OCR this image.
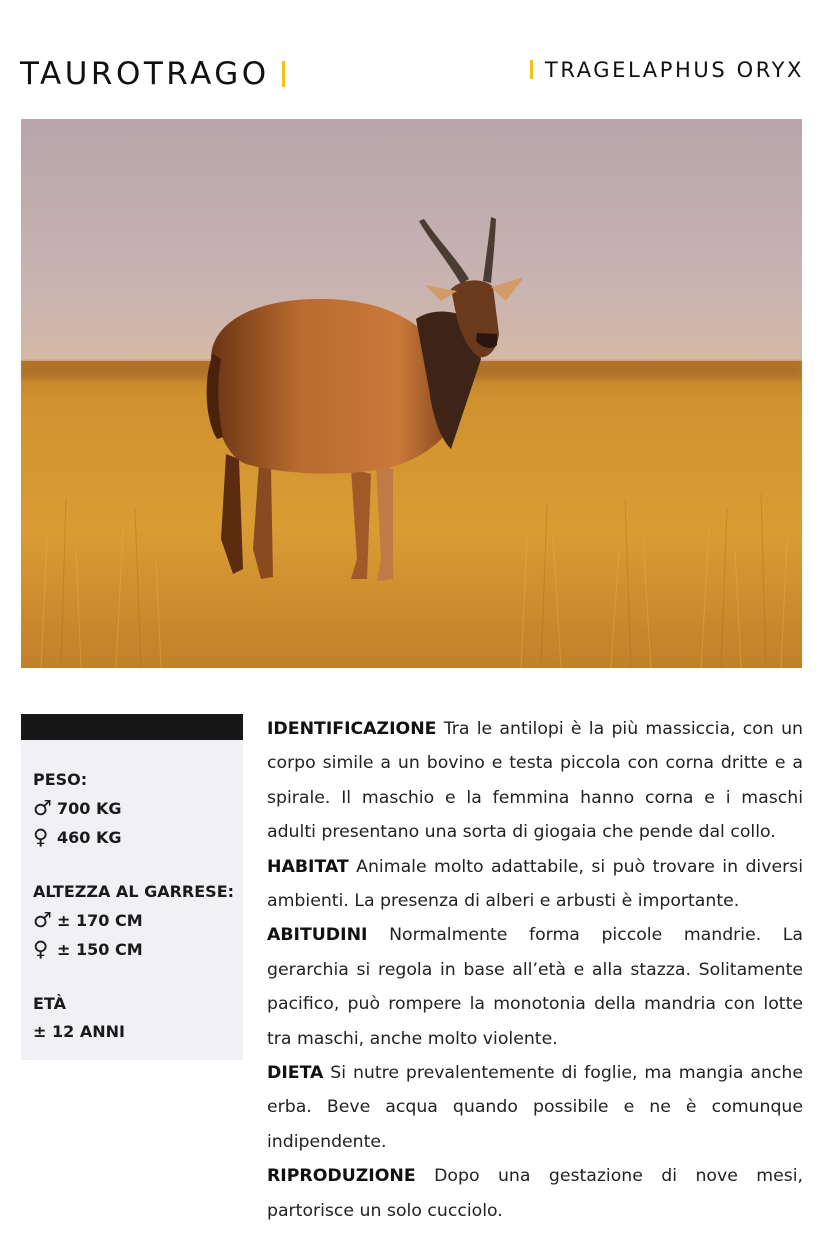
TAUROTRAGO	TRAGELAPHUS ORYX
PESO:
♂ 700 KG
♀ 460 KG
ALTEZZA AL GARRESE:
♂ ± 170 CM
♀ ± 150 CM
ETÀ
± 12 ANNI

IDENTIFICAZIONE Tra le antilopi è la più massiccia, con un corpo simile a un bovino e testa piccola con corna dritte e a spirale. Il maschio e la femmina hanno corna e i maschi adulti presentano una sorta di giogaia che pende dal collo.

HABITAT Animale molto adattabile, si può trovare in diversi ambienti. La presenza di alberi e arbusti è importante.

ABITUDINI Normalmente forma piccole mandrie. La gerarchia si regola in base all’età e alla stazza. Solitamente pacifico, può rompere la monotonia della mandria con lotte tra maschi, anche molto violente.

DIETA Si nutre prevalentemente di foglie, ma mangia anche erba. Beve acqua quando possibile e ne è comunque indipendente.

RIPRODUZIONE Dopo una gestazione di nove mesi, partorisce un solo cucciolo.
